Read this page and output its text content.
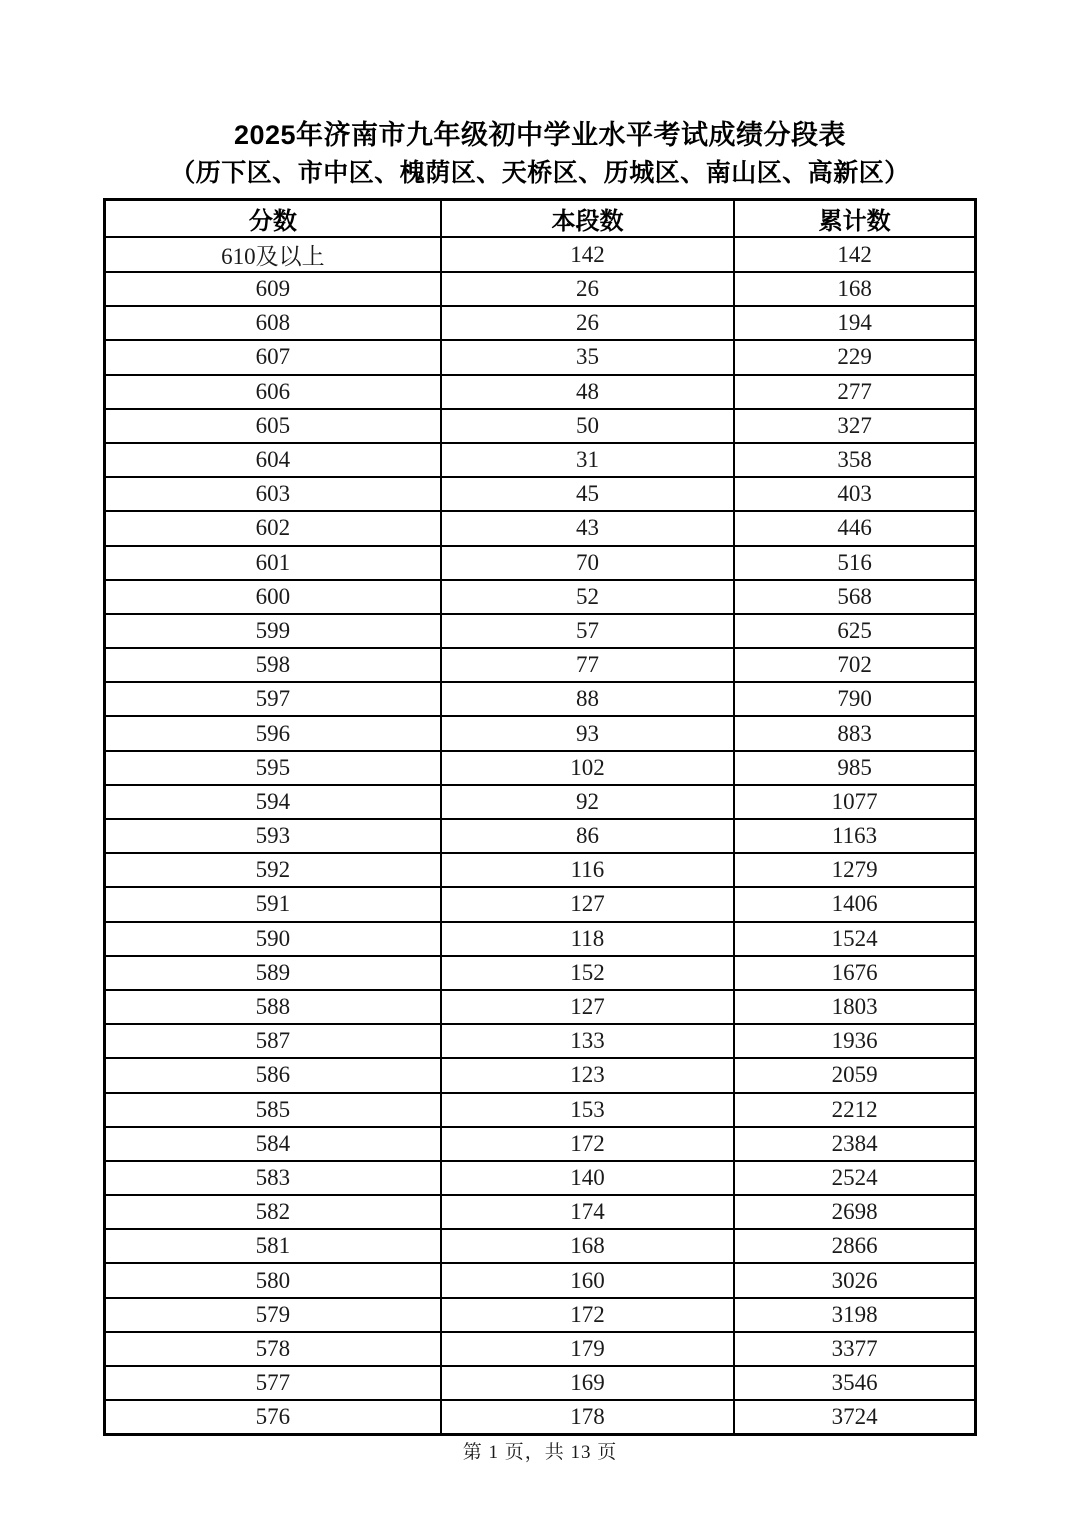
2025年济南市九年级初中学业水平考试成绩分段表
（历下区、市中区、槐荫区、天桥区、历城区、南山区、高新区）
分数	本段数	累计数
610及以上	142	142
609	26	168
608	26	194
607	35	229
606	48	277
605	50	327
604	31	358
603	45	403
602	43	446
601	70	516
600	52	568
599	57	625
598	77	702
597	88	790
596	93	883
595	102	985
594	92	1077
593	86	1163
592	116	1279
591	127	1406
590	118	1524
589	152	1676
588	127	1803
587	133	1936
586	123	2059
585	153	2212
584	172	2384
583	140	2524
582	174	2698
581	168	2866
580	160	3026
579	172	3198
578	179	3377
577	169	3546
576	178	3724
第 1 页，共 13 页
